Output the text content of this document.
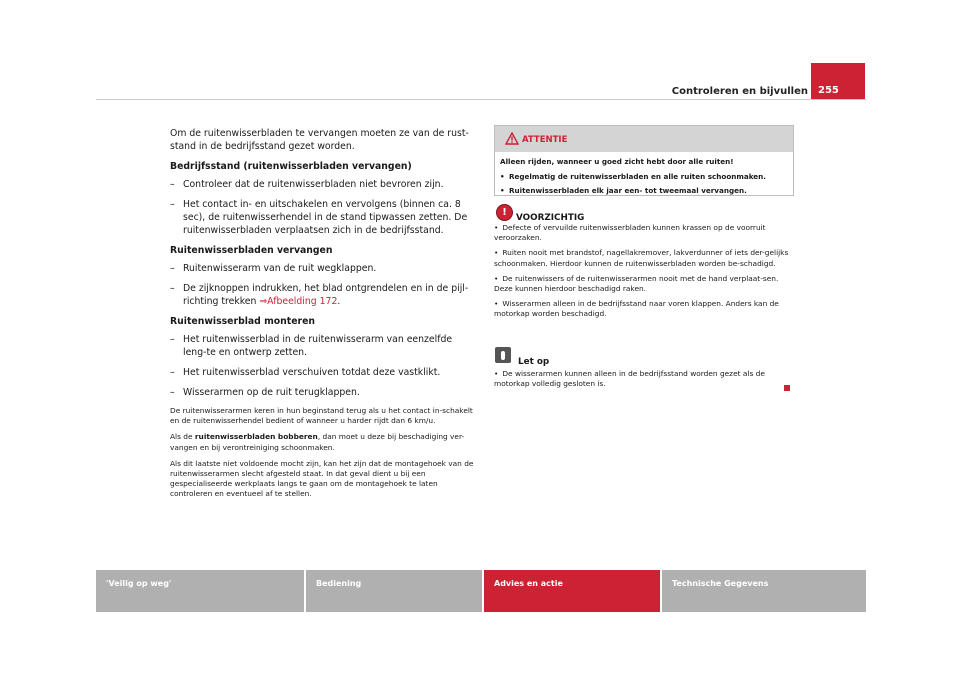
Controleren en bijvullen 255

Om de ruitenwisserbladen te vervangen moeten ze van de rust-stand in de bedrijfsstand gezet worden.

Bedrijfsstand (ruitenwisserbladen vervangen)

– Controleer dat de ruitenwisserbladen niet bevroren zijn.
– Het contact in- en uitschakelen en vervolgens (binnen ca. 8 sec), de ruitenwisserhendel in de stand tipwassen zetten. De ruitenwisserbladen verplaatsen zich in de bedrijfsstand.

Ruitenwisserbladen vervangen

– Ruitenwisserarm van de ruit wegklappen.
– De zijknoppen indrukken, het blad ontgrendelen en in de pijl-richting trekken ⇒Afbeelding 172.

Ruitenwisserblad monteren

– Het ruitenwisserblad in de ruitenwisserarm van eenzelfde leng-te en ontwerp zetten.
– Het ruitenwisserblad verschuiven totdat deze vastklikt.
– Wisserarmen op de ruit terugklappen.

De ruitenwisserarmen keren in hun beginstand terug als u het contact in-schakelt en de ruitenwisserhendel bedient of wanneer u harder rijdt dan 6 km/u.

Als de ruitenwisserbladen bobberen, dan moet u deze bij beschadiging ver-vangen en bij verontreiniging schoonmaken.

Als dit laatste niet voldoende mocht zijn, kan het zijn dat de montagehoek van de ruitenwisserarmen slecht afgesteld staat. In dat geval dient u bij een gespecialiseerde werkplaats langs te gaan om de montagehoek te laten controleren en eventueel af te stellen.

ATTENTIE
Alleen rijden, wanneer u goed zicht hebt door alle ruiten!
• Regelmatig de ruitenwisserbladen en alle ruiten schoonmaken.
• Ruitenwisserbladen elk jaar een- tot tweemaal vervangen.
!	VOORZICHTIG
• Defecte of vervuilde ruitenwisserbladen kunnen krassen op de voorruit veroorzaken.
• Ruiten nooit met brandstof, nagellakremover, lakverdunner of iets der-gelijks schoonmaken. Hierdoor kunnen de ruitenwisserbladen worden be-schadigd.
• De ruitenwissers of de ruitenwisserarmen nooit met de hand verplaat-sen. Deze kunnen hierdoor beschadigd raken.
• Wisserarmen alleen in de bedrijfsstand naar voren klappen. Anders kan de motorkap worden beschadigd.
Let op
• De wisserarmen kunnen alleen in de bedrijfsstand worden gezet als de motorkap volledig gesloten is.
'Veilig op weg'	Bediening	Advies en actie	Technische Gegevens
